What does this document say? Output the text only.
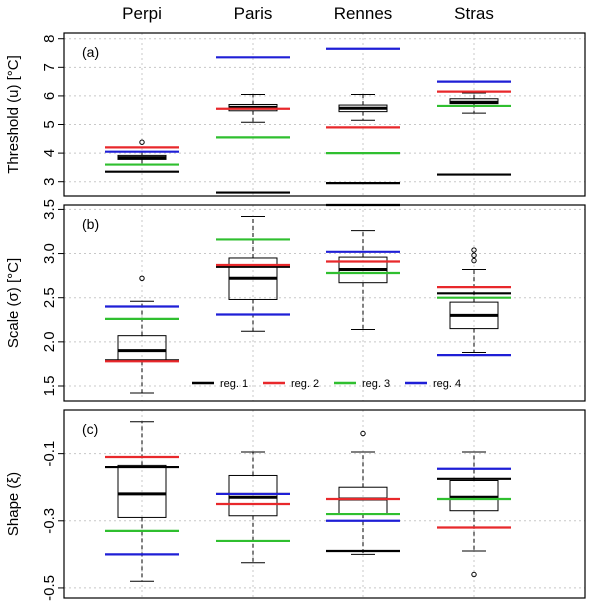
Perpi	Paris	Rennes	Stras
3
4
5
6
7
8
Threshold (u) [°C]
(a)
1.5
2.0
2.5
3.0
3.5
Scale (σ) [°C]
(b)
-0.1
-0.3
-0.5
Shape (ξ)
(c)
reg. 1	reg. 2	reg. 3	reg. 4
